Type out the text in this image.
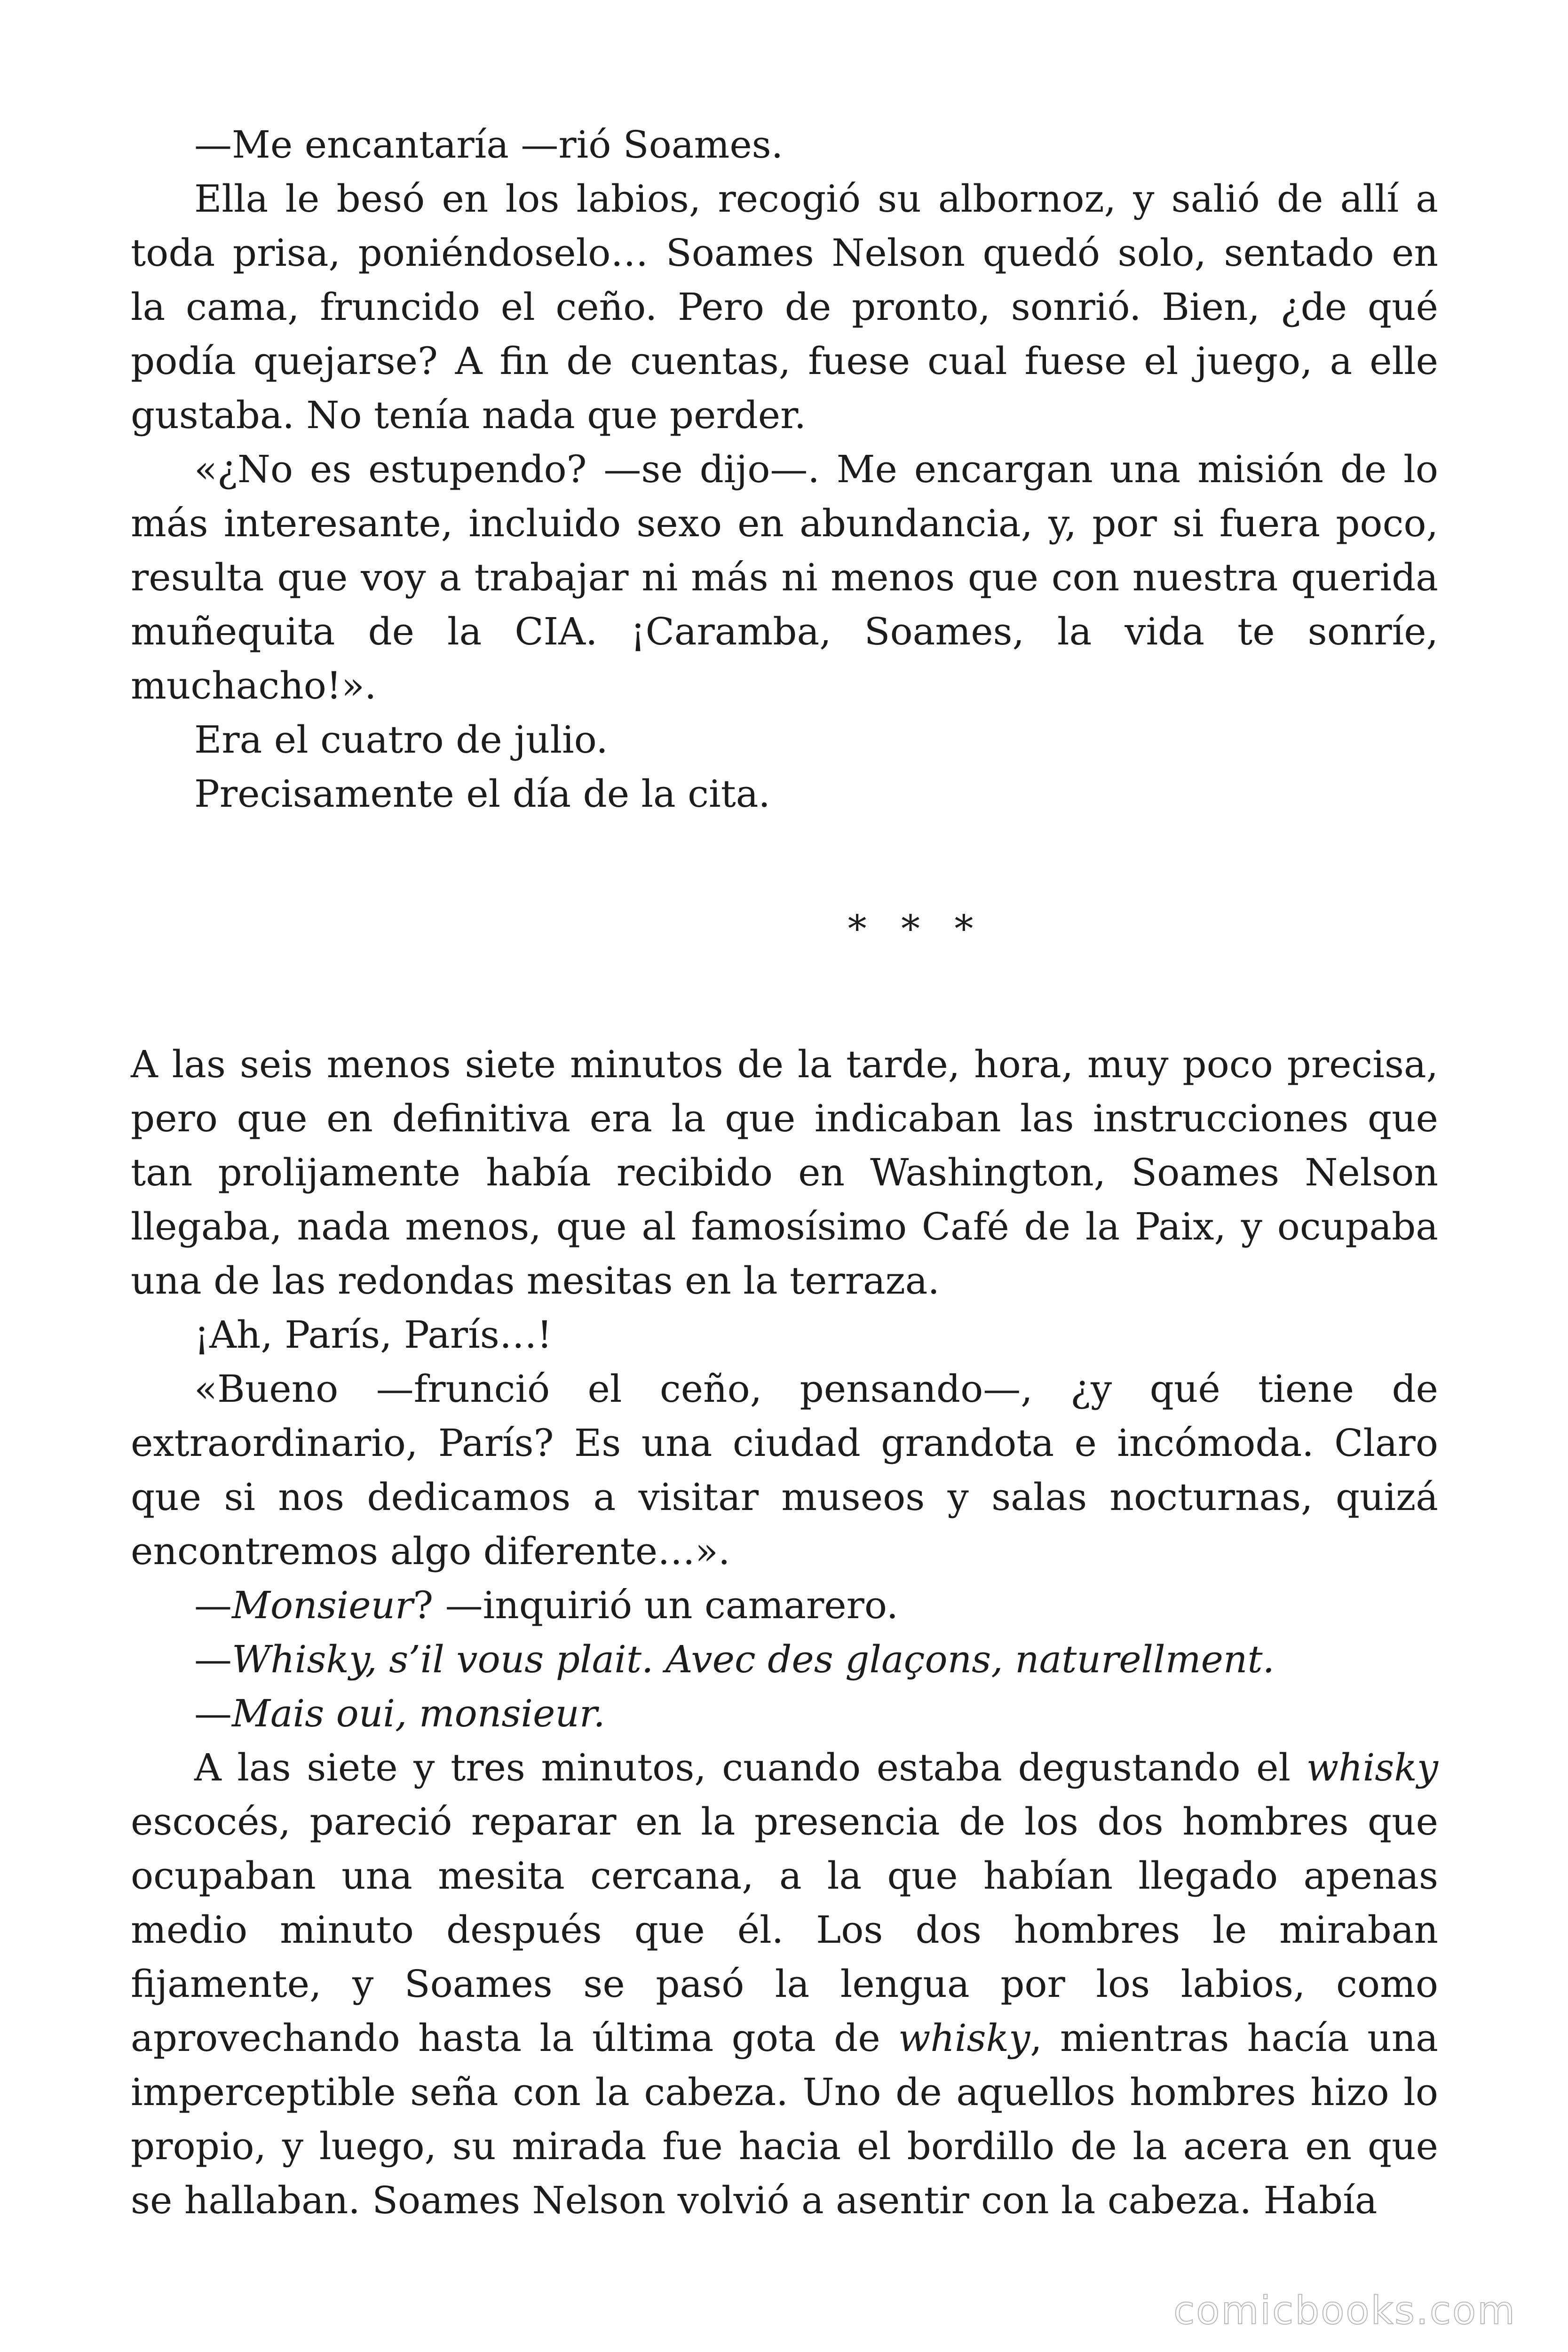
—Me encantaría —rió Soames.

Ella le besó en los labios, recogió su albornoz, y salió de allí a toda prisa, poniéndoselo… Soames Nelson quedó solo, sentado en la cama, fruncido el ceño. Pero de pronto, sonrió. Bien, ¿de qué podía quejarse? A fin de cuentas, fuese cual fuese el juego, a elle gustaba. No tenía nada que perder.

«¿No es estupendo? —se dijo—. Me encargan una misión de lo más interesante, incluido sexo en abundancia, y, por si fuera poco, resulta que voy a trabajar ni más ni menos que con nuestra querida muñequita de la CIA. ¡Caramba, Soames, la vida te sonríe, muchacho!».

Era el cuatro de julio.

Precisamente el día de la cita.

* * *

A las seis menos siete minutos de la tarde, hora, muy poco precisa, pero que en definitiva era la que indicaban las instrucciones que tan prolijamente había recibido en Washington, Soames Nelson llegaba, nada menos, que al famosísimo Café de la Paix, y ocupaba una de las redondas mesitas en la terraza.

¡Ah, París, París…!

«Bueno —frunció el ceño, pensando—, ¿y qué tiene de extraordinario, París? Es una ciudad grandota e incómoda. Claro que si nos dedicamos a visitar museos y salas nocturnas, quizá encontremos algo diferente…».

—Monsieur? —inquirió un camarero.

—Whisky, s’il vous plait. Avec des glaçons, naturellment.

—Mais oui, monsieur.

A las siete y tres minutos, cuando estaba degustando el whisky escocés, pareció reparar en la presencia de los dos hombres que ocupaban una mesita cercana, a la que habían llegado apenas medio minuto después que él. Los dos hombres le miraban fijamente, y Soames se pasó la lengua por los labios, como aprovechando hasta la última gota de whisky, mientras hacía una imperceptible seña con la cabeza. Uno de aquellos hombres hizo lo propio, y luego, su mirada fue hacia el bordillo de la acera en que se hallaban. Soames Nelson volvió a asentir con la cabeza. Había

comicbooks.com
